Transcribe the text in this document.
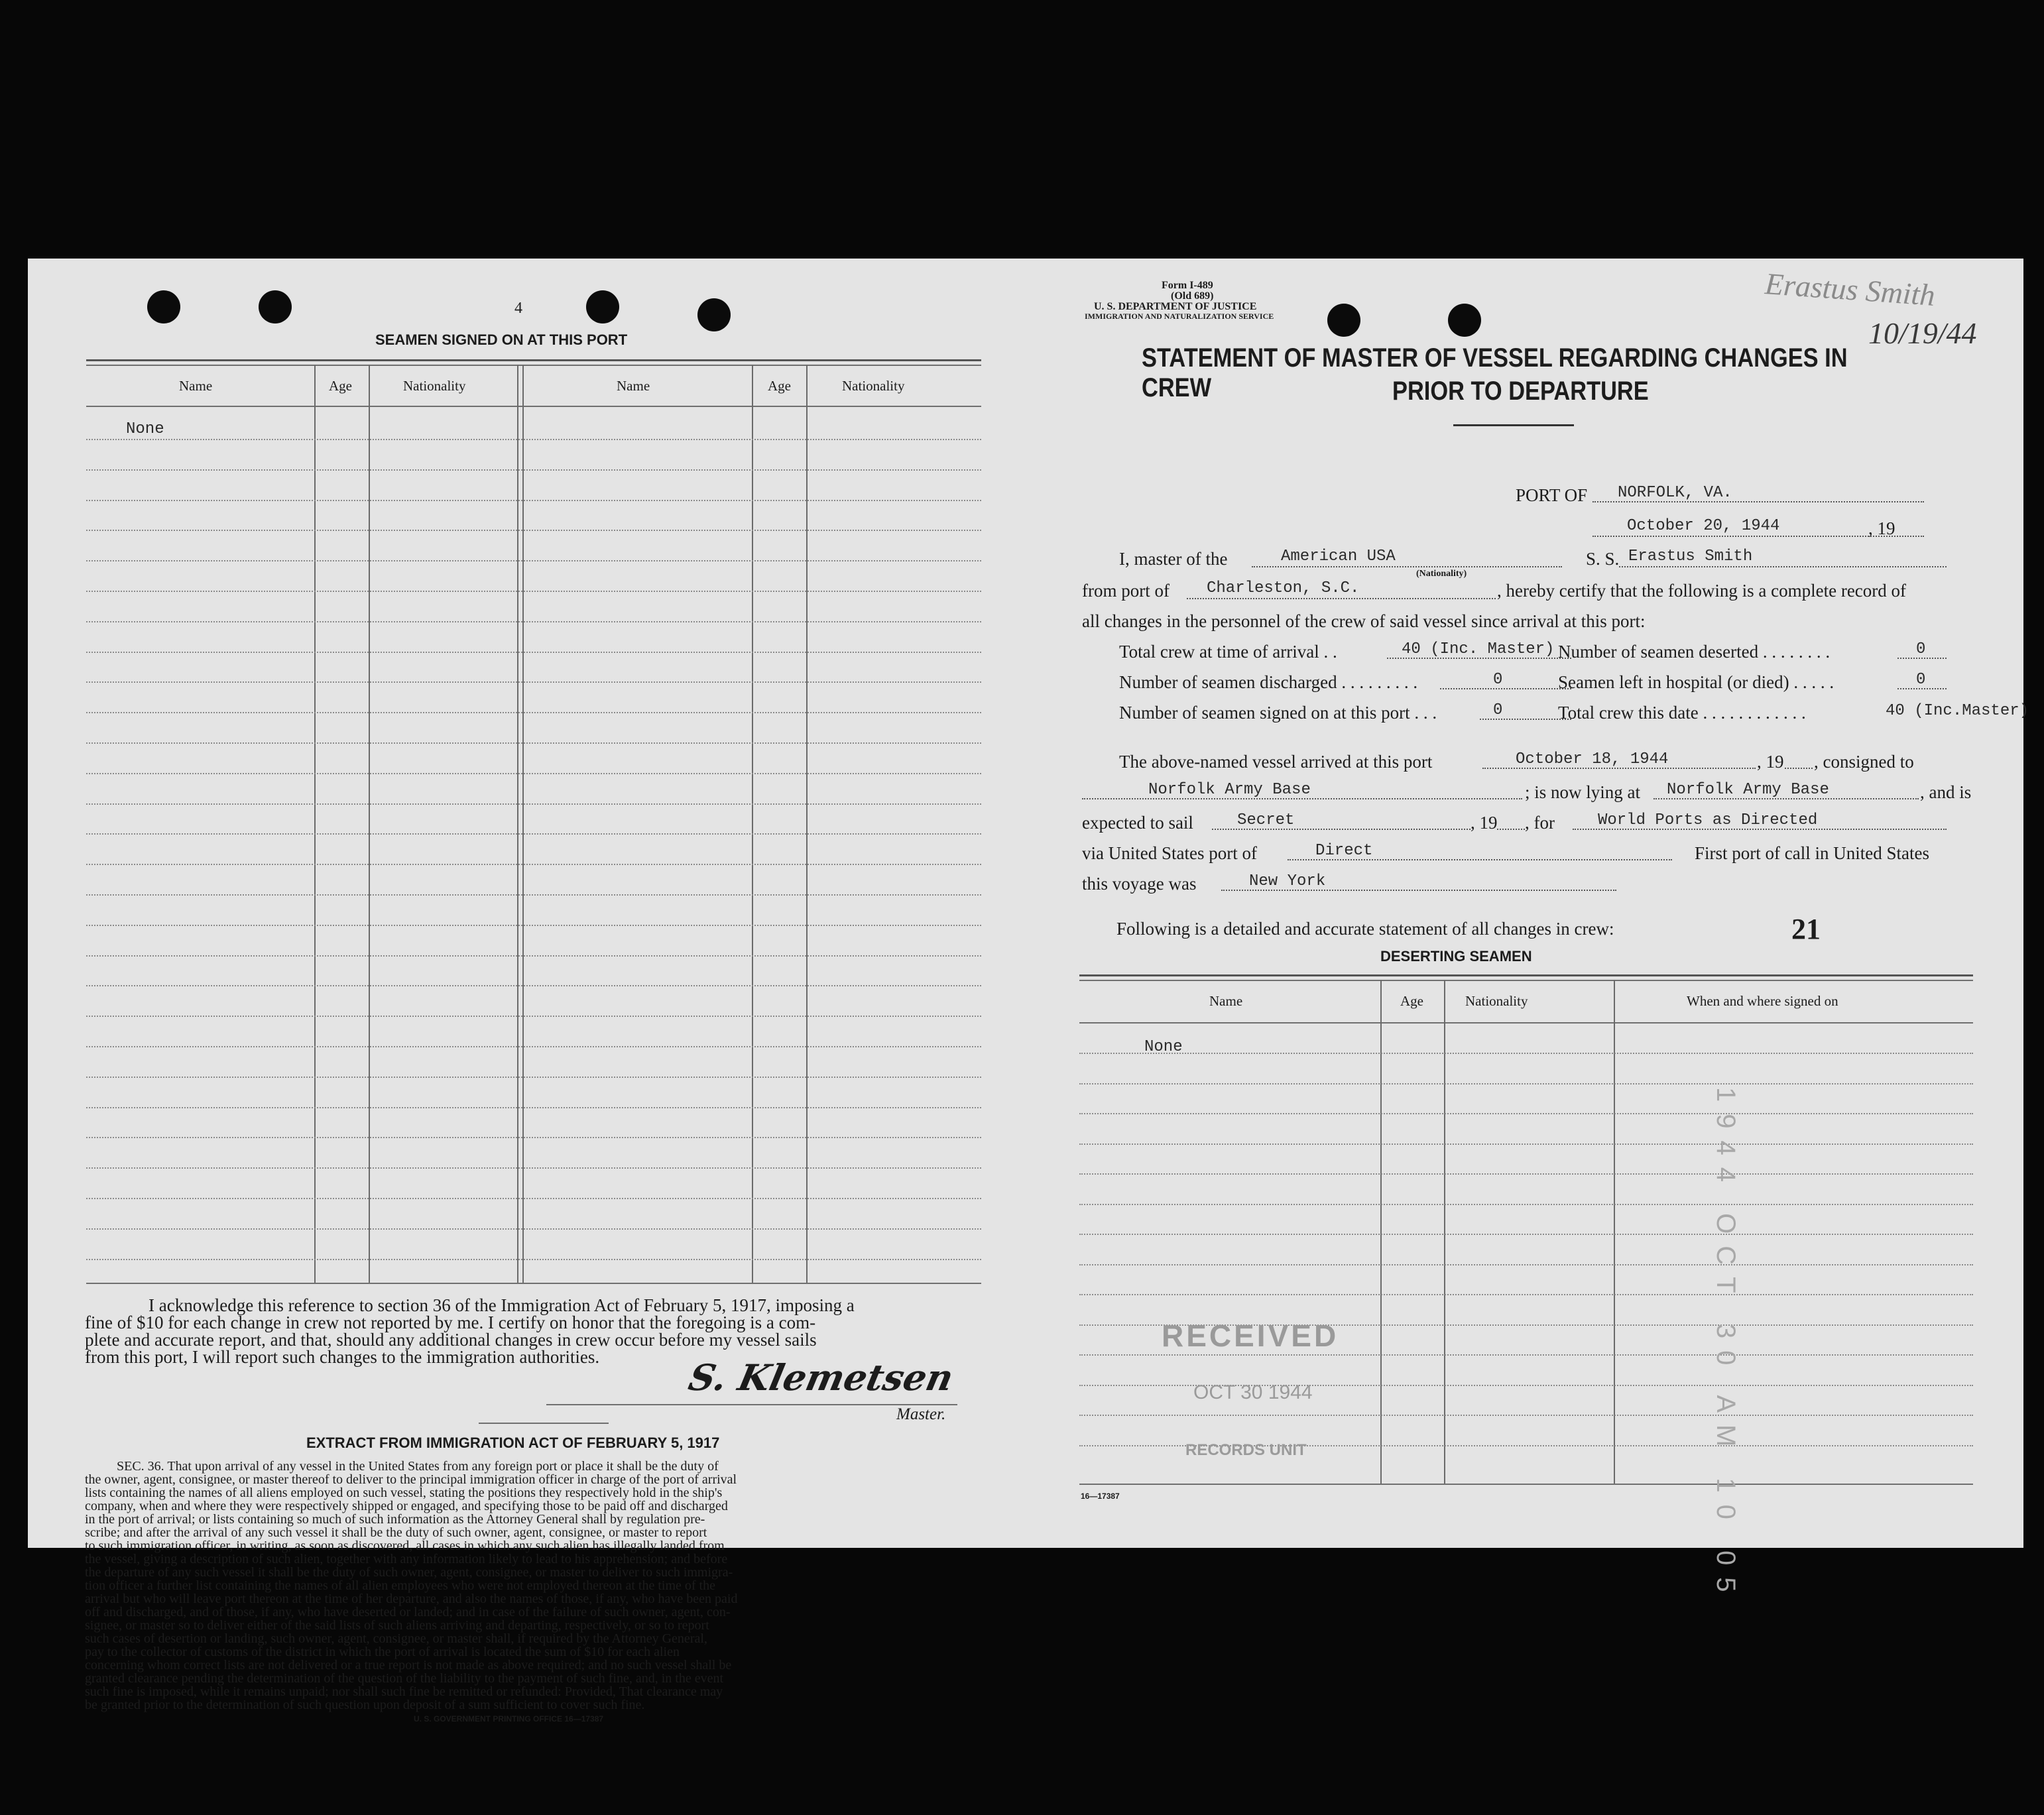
4
SEAMEN SIGNED ON AT THIS PORT
Name	Age	Nationality	Name	Age	Nationality
None
I acknowledge this reference to section 36 of the Immigration Act of February 5, 1917, imposing a
fine of $10 for each change in crew not reported by me. I certify on honor that the foregoing is a com-
plete and accurate report, and that, should any additional changes in crew occur before my vessel sails
from this port, I will report such changes to the immigration authorities.	S. Klemetsen
Master.
EXTRACT FROM IMMIGRATION ACT OF FEBRUARY 5, 1917
SEC. 36. That upon arrival of any vessel in the United States from any foreign port or place it shall be the duty of
the owner, agent, consignee, or master thereof to deliver to the principal immigration officer in charge of the port of arrival
lists containing the names of all aliens employed on such vessel, stating the positions they respectively hold in the ship's
company, when and where they were respectively shipped or engaged, and specifying those to be paid off and discharged
in the port of arrival; or lists containing so much of such information as the Attorney General shall by regulation pre-
scribe; and after the arrival of any such vessel it shall be the duty of such owner, agent, consignee, or master to report
to such immigration officer, in writing, as soon as discovered, all cases in which any such alien has illegally landed from
the vessel, giving a description of such alien, together with any information likely to lead to his apprehension; and before
the departure of any such vessel it shall be the duty of such owner, agent, consignee, or master to deliver to such immigra-
tion officer a further list containing the names of all alien employees who were not employed thereon at the time of the
arrival but who will leave port thereon at the time of her departure, and also the names of those, if any, who have been paid
off and discharged, and of those, if any, who have deserted or landed; and in case of the failure of such owner, agent, con-
signee, or master so to deliver either of the said lists of such aliens arriving and departing, respectively, or so to report
such cases of desertion or landing, such owner, agent, consignee, or master shall, if required by the Attorney General,
pay to the collector of customs of the district in which the port of arrival is located the sum of $10 for each alien
concerning whom correct lists are not delivered or a true report is not made as above required; and no such vessel shall be
granted clearance pending the determination of the question of the liability to the payment of such fine, and, in the event
such fine is imposed, while it remains unpaid; nor shall such fine be remitted or refunded: Provided, That clearance may
be granted prior to the determination of such question upon deposit of a sum sufficient to cover such fine.
U. S. GOVERNMENT PRINTING OFFICE 16—17387
Form I-489
(Old 689)
U. S. DEPARTMENT OF JUSTICE
IMMIGRATION AND NATURALIZATION SERVICE
Erastus Smith
10/19/44
STATEMENT OF MASTER OF VESSEL REGARDING CHANGES IN CREW	PRIOR TO DEPARTURE
PORT OF NORFOLK, VA.
October 20, 1944	, 19
I, master of the	American USA
(Nationality)
S. S. Erastus Smith
from port of Charleston, S.C.	, hereby certify that the following is a complete record of
all changes in the personnel of the crew of said vessel since arrival at this port:
Total crew at time of arrival . .	40 (Inc. Master) Number of seamen deserted . . . . . . . .	0
Number of seamen discharged . . . . . . . . .	0	Seamen left in hospital (or died) . . . . .	0
Number of seamen signed on at this port . . .	0	Total crew this date . . . . . . . . . . . .	40 (Inc.Master)
The above-named vessel arrived at this port	October 18, 1944	, 19 , consigned to
Norfolk Army Base	; is now lying at Norfolk Army Base	, and is
expected to sail	Secret	, 19 , for	World Ports as Directed
via United States port of	Direct	First port of call in United States
this voyage was	New York
Following is a detailed and accurate statement of all changes in crew:	21
DESERTING SEAMEN
Name	Age	Nationality	When and where signed on
None
RECEIVED
OCT 30 1944
RECORDS UNIT	1944 OCT 30 AM 10 05
16—17387
